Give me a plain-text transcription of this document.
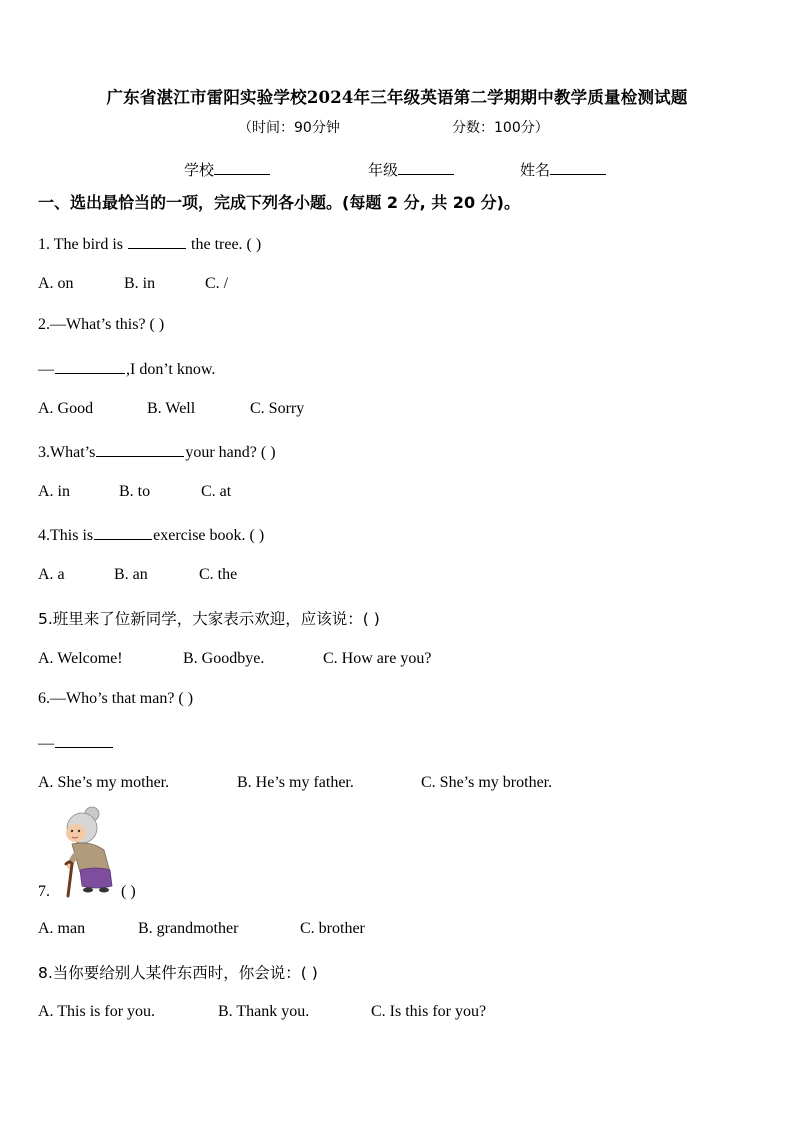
广东省湛江市雷阳实验学校2024年三年级英语第二学期期中教学质量检测试题
（时间：90分钟	分数：100分）
学校	年级	姓名
一、选出最恰当的一项，完成下列各小题。(每题 2 分, 共 20 分)。
1. The bird is	the tree. ( )
A. on	B. in	C. /
2.—What’s this? ( )
—	,I don’t know.
A. Good	B. Well	C. Sorry
3.What’s	your hand? ( )
A. in	B. to	C. at
4.This is	exercise book. ( )
A. a	B. an	C. the
5.班里来了位新同学，大家表示欢迎，应该说：( )
A. Welcome!	B. Goodbye.	C. How are you?
6.—Who’s that man? ( )
—
A. She’s my mother.	B. He’s my father.	C. She’s my brother.
7.	( )
A. man	B. grandmother	C. brother
8.当你要给别人某件东西时，你会说：( )
A. This is for you.	B. Thank you.	C. Is this for you?
